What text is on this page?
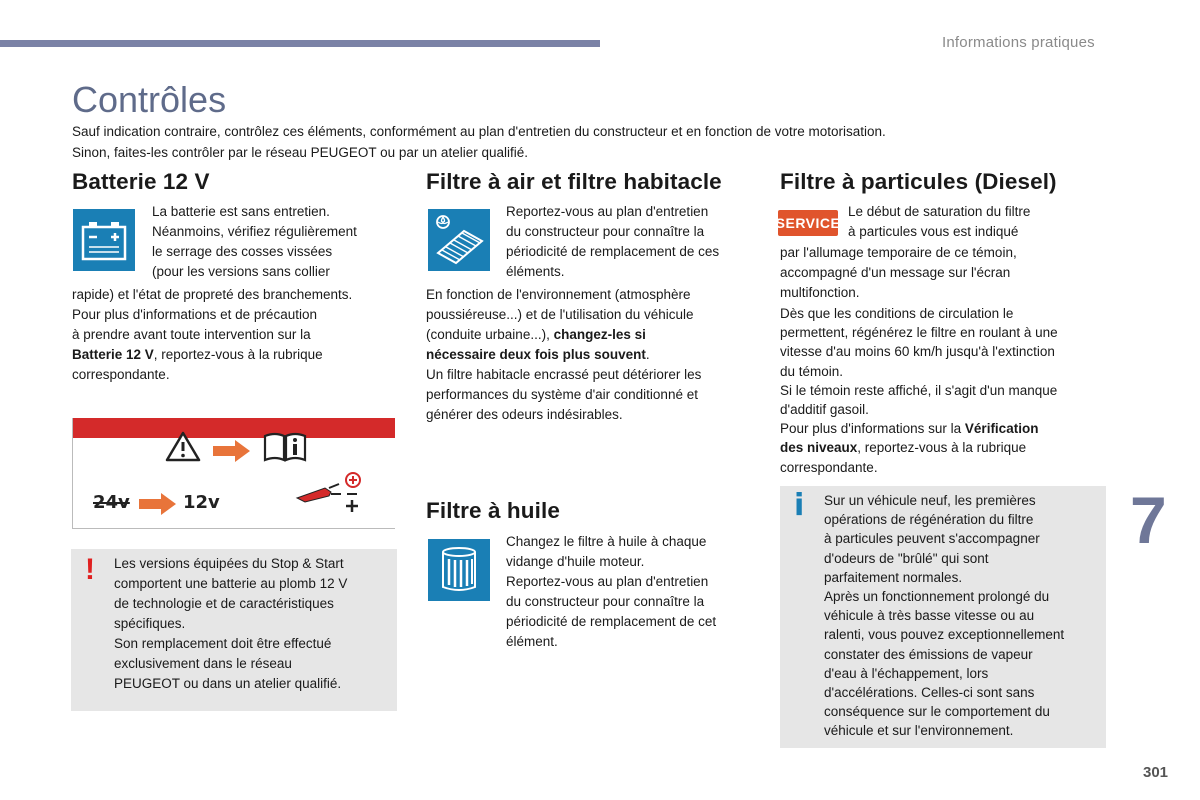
Informations pratiques
Contrôles

Sauf indication contraire, contrôlez ces éléments, conformément au plan d'entretien du constructeur et en fonction de votre motorisation.

Sinon, faites-les contrôler par le réseau PEUGEOT ou par un atelier qualifié.

Batterie 12 V

La batterie est sans entretien.

Néanmoins, vérifiez régulièrement

le serrage des cosses vissées

(pour les versions sans collier

rapide) et l'état de propreté des branchements.

Pour plus d'informations et de précaution

à prendre avant toute intervention sur la

Batterie 12 V, reportez-vous à la rubrique

correspondante.

24v	12v
! Les versions équipées du Stop & Start

comportent une batterie au plomb 12 V

de technologie et de caractéristiques

spécifiques.

Son remplacement doit être effectué

exclusivement dans le réseau

PEUGEOT ou dans un atelier qualifié.

Filtre à air et filtre habitacle

Reportez-vous au plan d'entretien

du constructeur pour connaître la

périodicité de remplacement de ces

éléments.

En fonction de l'environnement (atmosphère

poussiéreuse...) et de l'utilisation du véhicule

(conduite urbaine...), changez-les si

nécessaire deux fois plus souvent.

Un filtre habitacle encrassé peut détériorer les

performances du système d'air conditionné et

générer des odeurs indésirables.

Filtre à huile

Changez le filtre à huile à chaque

vidange d'huile moteur.

Reportez-vous au plan d'entretien

du constructeur pour connaître la

périodicité de remplacement de cet

élément.

Filtre à particules (Diesel)
SERVICE

Le début de saturation du filtre

à particules vous est indiqué

par l'allumage temporaire de ce témoin,

accompagné d'un message sur l'écran

multifonction.

Dès que les conditions de circulation le

permettent, régénérez le filtre en roulant à une

vitesse d'au moins 60 km/h jusqu'à l'extinction

du témoin.

Si le témoin reste affiché, il s'agit d'un manque

d'additif gasoil.

Pour plus d'informations sur la Vérification

des niveaux, reportez-vous à la rubrique

correspondante.

i Sur un véhicule neuf, les premières

opérations de régénération du filtre

à particules peuvent s'accompagner

d'odeurs de "brûlé" qui sont

parfaitement normales.

Après un fonctionnement prolongé du

véhicule à très basse vitesse ou au

ralenti, vous pouvez exceptionnellement

constater des émissions de vapeur

d'eau à l'échappement, lors

d'accélérations. Celles-ci sont sans

conséquence sur le comportement du

véhicule et sur l'environnement.

7
301
